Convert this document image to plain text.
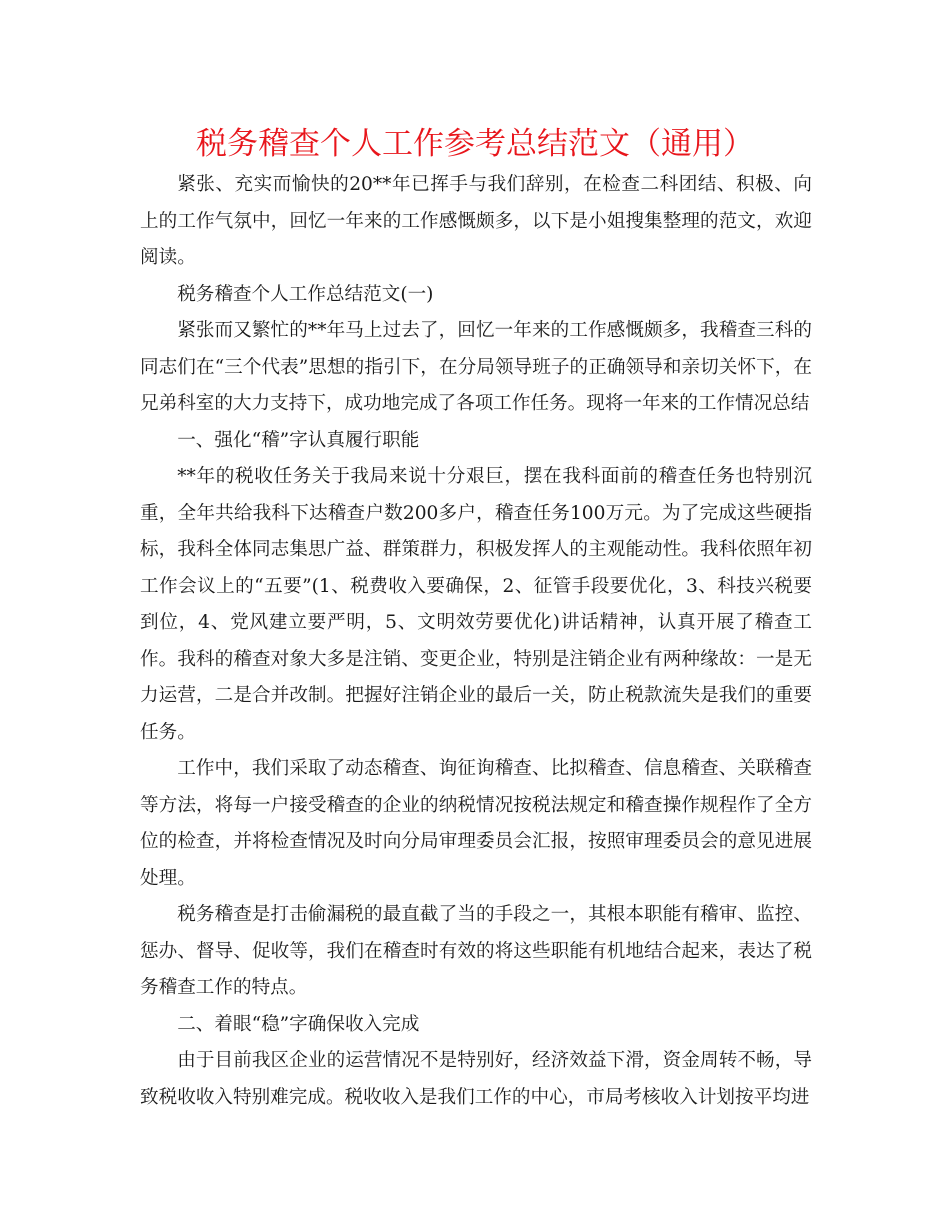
税务稽查个人工作参考总结范文（通用）

紧张、充实而愉快的20**年已挥手与我们辞别，在检查二科团结、积极、向上的工作气氛中，回忆一年来的工作感慨颇多，以下是小姐搜集整理的范文，欢迎阅读。

税务稽查个人工作总结范文(一)

紧张而又繁忙的**年马上过去了，回忆一年来的工作感慨颇多，我稽查三科的同志们在“三个代表”思想的指引下，在分局领导班子的正确领导和亲切关怀下，在兄弟科室的大力支持下，成功地完成了各项工作任务。现将一年来的工作情况总结

一、强化“稽”字认真履行职能

**年的税收任务关于我局来说十分艰巨，摆在我科面前的稽查任务也特别沉重，全年共给我科下达稽查户数200多户，稽查任务100万元。为了完成这些硬指标，我科全体同志集思广益、群策群力，积极发挥人的主观能动性。我科依照年初工作会议上的“五要”(1、税费收入要确保，2、征管手段要优化，3、科技兴税要到位，4、党风建立要严明，5、文明效劳要优化)讲话精神，认真开展了稽查工作。我科的稽查对象大多是注销、变更企业，特别是注销企业有两种缘故：一是无力运营，二是合并改制。把握好注销企业的最后一关，防止税款流失是我们的重要任务。

工作中，我们采取了动态稽查、询征询稽查、比拟稽查、信息稽查、关联稽查等方法，将每一户接受稽查的企业的纳税情况按税法规定和稽查操作规程作了全方位的检查，并将检查情况及时向分局审理委员会汇报，按照审理委员会的意见进展处理。

税务稽查是打击偷漏税的最直截了当的手段之一，其根本职能有稽审、监控、惩办、督导、促收等，我们在稽查时有效的将这些职能有机地结合起来，表达了税务稽查工作的特点。

二、着眼“稳”字确保收入完成

由于目前我区企业的运营情况不是特别好，经济效益下滑，资金周转不畅，导致税收收入特别难完成。税收收入是我们工作的中心，市局考核收入计划按平均进
